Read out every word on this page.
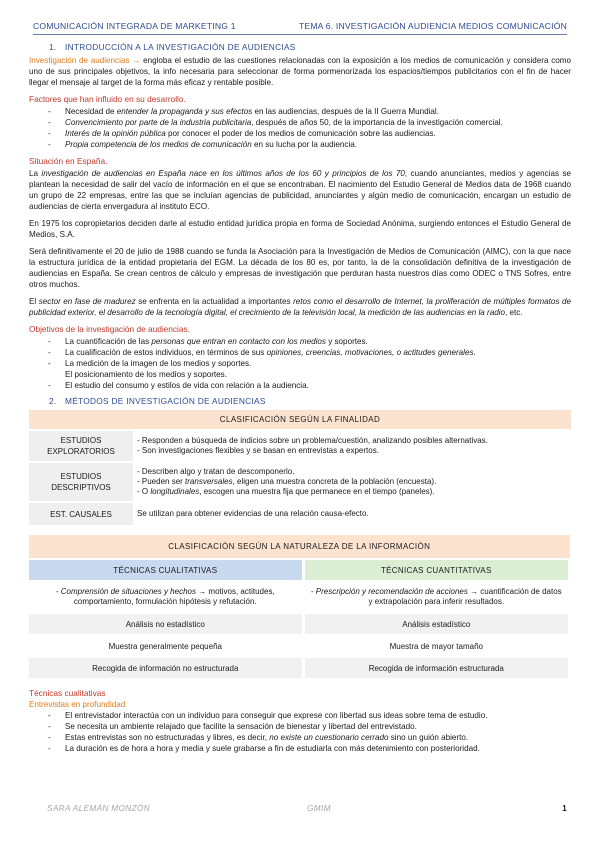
COMUNICACIÓN INTEGRADA DE MARKETING 1	TEMA 6. INVESTIGACIÓN AUDIENCIA MEDIOS COMUNICACIÓN
1. INTRODUCCIÓN A LA INVESTIGACIÓN DE AUDIENCIAS

Investigación de audiencias → engloba el estudio de las cuestiones relacionadas con la exposición a los medios de comunicación y considera como uno de sus principales objetivos, la info necesaria para seleccionar de forma pormenorizada los espacios/tiempos publicitarios con el fin de hacer llegar el mensaje al target de la forma más eficaz y rentable posible.

Factores que han influido en su desarrollo.
- Necesidad de entender la propaganda y sus efectos en las audiencias, después de la II Guerra Mundial.
- Convencimiento por parte de la industria publicitaria, después de años 50, de la importancia de la investigación comercial.
- Interés de la opinión pública por conocer el poder de los medios de comunicación sobre las audiencias.
- Propia competencia de los medios de comunicación en su lucha por la audiencia.
Situación en España.

La investigación de audiencias en España nace en los últimos años de los 60 y principios de los 70, cuando anunciantes, medios y agencias se plantean la necesidad de salir del vacío de información en el que se encontraban. El nacimiento del Estudio General de Medios data de 1968 cuando un grupo de 22 empresas, entre las que se incluían agencias de publicidad, anunciantes y algún medio de comunicación, encargan un estudio de audiencias de cierta envergadura al instituto ECO.

En 1975 los copropietarios deciden darle al estudio entidad jurídica propia en forma de Sociedad Anónima, surgiendo entonces el Estudio General de Medios, S.A.

Será definitivamente el 20 de julio de 1988 cuando se funda la Asociación para la Investigación de Medios de Comunicación (AIMC), con la que nace la estructura jurídica de la entidad propietaria del EGM. La década de los 80 es, por tanto, la de la consolidación definitiva de la investigación de audiencias en España. Se crean centros de cálculo y empresas de investigación que perduran hasta nuestros días como ODEC o TNS Sofres, entre otros muchos.

El sector en fase de madurez se enfrenta en la actualidad a importantes retos como el desarrollo de Internet, la proliferación de múltiples formatos de publicidad exterior, el desarrollo de la tecnología digital, el crecimiento de la televisión local, la medición de las audiencias en la radio, etc.

Objetivos de la investigación de audiencias.
- La cuantificación de las personas que entran en contacto con los medios y soportes.
- La cualificación de estos individuos, en términos de sus opiniones, creencias, motivaciones, o actitudes generales.
- La medición de la imagen de los medios y soportes.
El posicionamiento de los medios y soportes.
- El estudio del consumo y estilos de vida con relación a la audiencia.
2. MÉTODOS DE INVESTIGACIÓN DE AUDIENCIAS
CLASIFICACIÓN SEGÚN LA FINALIDAD	
ESTUDIOS EXPLORATORIOS	- Responden a búsqueda de indicios sobre un problema/cuestión, analizando posibles alternativas.
- Son investigaciones flexibles y se basan en entrevistas a expertos.

ESTUDIOS DESCRIPTIVOS	- Describen algo y tratan de descomponerlo.
- Pueden ser transversales, eligen una muestra concreta de la población (encuesta).
- O longitudinales, escogen una muestra fija que permanece en el tiempo (paneles).

EST. CAUSALES	Se utilizan para obtener evidencias de una relación causa-efecto.
CLASIFICACIÓN SEGÚN LA NATURALEZA DE LA INFORMACIÓN	
TÉCNICAS CUALITATIVAS	TÉCNICAS CUANTITATIVAS
- Comprensión de situaciones y hechos → motivos, actitudes, comportamiento, formulación hipótesis y refutación.	- Prescripción y recomendación de acciones → cuantificación de datos y extrapolación para inferir resultados.
Análisis no estadístico	Análisis estadístico
Muestra generalmente pequeña	Muestra de mayor tamaño
Recogida de información no estructurada	Recogida de información estructurada
Técnicas cualitativas
Entrevistas en profundidad
- El entrevistador interactúa con un individuo para conseguir que exprese con libertad sus ideas sobre tema de estudio.
- Se necesita un ambiente relajado que facilite la sensación de bienestar y libertad del entrevistado.
- Estas entrevistas son no estructuradas y libres, es decir, no existe un cuestionario cerrado sino un guión abierto.
- La duración es de hora a hora y media y suele grabarse a fin de estudiarla con más detenimiento con posterioridad.
SARA ALEMÁN MONZÓN	GMIM	1
